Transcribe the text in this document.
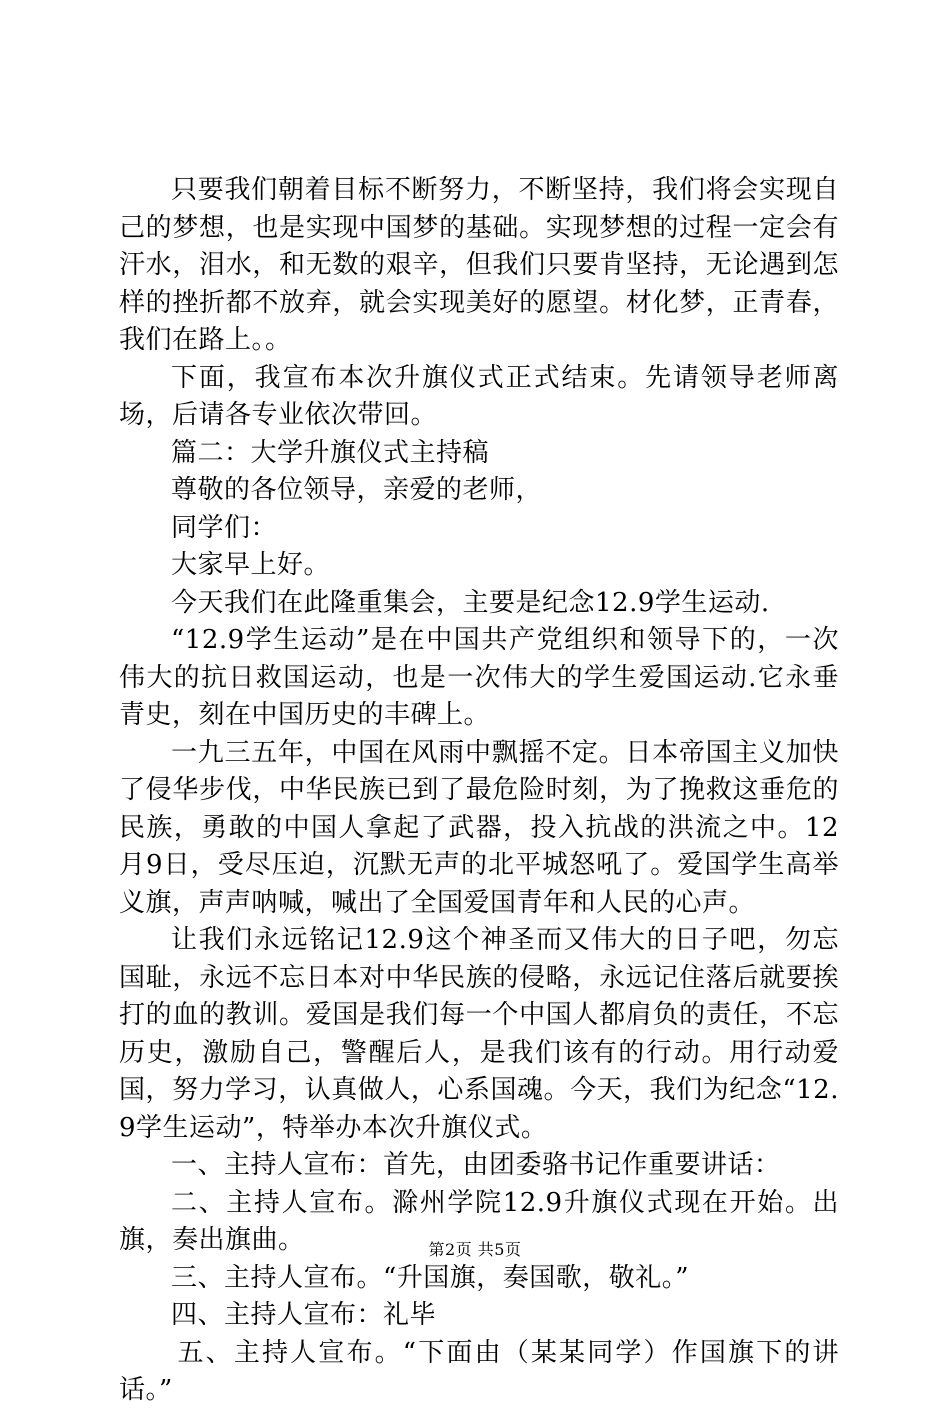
只要我们朝着目标不断努力，不断坚持，我们将会实现自己的梦想，也是实现中国梦的基础。实现梦想的过程一定会有汗水，泪水，和无数的艰辛，但我们只要肯坚持，无论遇到怎样的挫折都不放弃，就会实现美好的愿望。材化梦，正青春，我们在路上。。

下面，我宣布本次升旗仪式正式结束。先请领导老师离场，后请各专业依次带回。

篇二：大学升旗仪式主持稿

尊敬的各位领导，亲爱的老师，

同学们：

大家早上好。

今天我们在此隆重集会，主要是纪念12.9学生运动.

“12.9学生运动”是在中国共产党组织和领导下的，一次伟大的抗日救国运动，也是一次伟大的学生爱国运动.它永垂青史，刻在中国历史的丰碑上。

一九三五年，中国在风雨中飘摇不定。日本帝国主义加快了侵华步伐，中华民族已到了最危险时刻，为了挽救这垂危的民族，勇敢的中国人拿起了武器，投入抗战的洪流之中。12月9日，受尽压迫，沉默无声的北平城怒吼了。爱国学生高举义旗，声声呐喊，喊出了全国爱国青年和人民的心声。

让我们永远铭记12.9这个神圣而又伟大的日子吧，勿忘国耻，永远不忘日本对中华民族的侵略，永远记住落后就要挨打的血的教训。爱国是我们每一个中国人都肩负的责任，不忘历史，激励自己，警醒后人，是我们该有的行动。用行动爱国，努力学习，认真做人，心系国魂。今天，我们为纪念“12.9学生运动”，特举办本次升旗仪式。

一、主持人宣布：首先，由团委骆书记作重要讲话：

二、主持人宣布。滁州学院12.9升旗仪式现在开始。出旗，奏出旗曲。

三、主持人宣布。“升国旗，奏国歌，敬礼。”

四、主持人宣布：礼毕

五、主持人宣布。“下面由（某某同学）作国旗下的讲话。”

第2页 共5页
